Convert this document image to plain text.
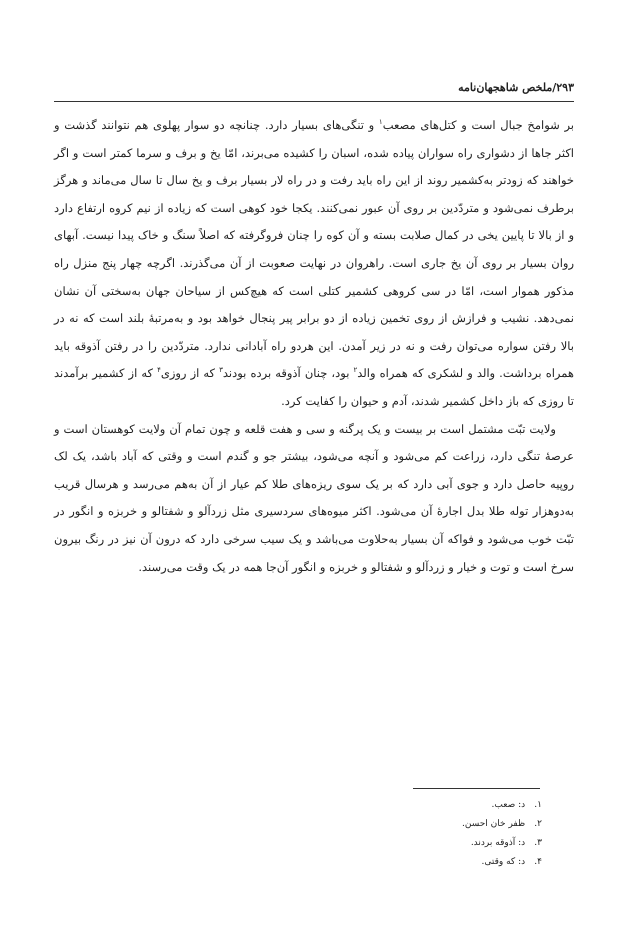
۲۹۳/ملخص شاهجهان‌نامه

بر شوامخ جبال است و کتل‌های مصعب$^۱$ و تنگی‌های بسیار دارد. چنانچه دو سوار پهلوی هم نتوانند گذشت و اکثر جاها از دشواری راه سواران پیاده شده، اسبان را کشیده می‌برند، امّا یخ و برف و سرما کمتر است و اگر خواهند که زودتر به‌کشمیر روند از این راه باید رفت و در راه لار بسیار برف و یخ سال تا سال می‌ماند و هرگز برطرف نمی‌شود و متردّدین بر روی آن عبور نمی‌کنند. یکجا خود کوهی است که زیاده از نیم کروه ارتفاع دارد و از بالا تا پایین یخی در کمال صلابت بسته و آن کوه را چنان فروگرفته که اصلاً سنگ و خاک پیدا نیست. آبهای روان بسیار بر روی آن یخ جاری است. راهروان در نهایت صعوبت از آن می‌گذرند. اگرچه چهار پنج منزل راه مذکور هموار است، امّا در سی کروهی کشمیر کتلی است که هیچ‌کس از سیاحان جهان به‌سختی آن نشان نمی‌دهد. نشیب و فرازش از روی تخمین زیاده از دو برابر پیر پنجال خواهد بود و به‌مرتبهٔ بلند است که نه در بالا رفتن سواره می‌توان رفت و نه در زیر آمدن. این هردو راه آبادانی ندارد. متردّدین را در رفتن آذوقه باید همراه برداشت. والد و لشکری که همراه والد$^۲$ بود، چنان آذوقه برده بودند$^۳$ که از روزی$^۴$ که از کشمیر برآمدند تا روزی که باز داخل کشمیر شدند، آدم و حیوان را کفایت کرد.

ولایت تبّت مشتمل است بر بیست و یک پرگنه و سی و هفت قلعه و چون تمام آن ولایت کوهستان است و عرصهٔ تنگی دارد، زراعت کم می‌شود و آنچه می‌شود، بیشتر جو و گندم است و وقتی که آباد باشد، یک لک روپیه حاصل دارد و جوی آبی دارد که بر یک سوی ریزه‌های طلا کم عیار از آن به‌هم می‌رسد و هرسال قریب به‌دوهزار توله طلا بدل اجارهٔ آن می‌شود. اکثر میوه‌های سردسیری مثل زردآلو و شفتالو و خربزه و انگور در تبّت خوب می‌شود و فواکه آن بسیار به‌حلاوت می‌باشد و یک سیب سرخی دارد که درون آن نیز در رنگ بیرون سرخ است و توت و خیار و زردآلو و شفتالو و خربزه و انگور آن‌جا همه در یک وقت می‌رسند.

۱. د: صعب.
۲. ظفر خان احسن.
۳. د: آذوقه بردند.
۴. د: که وقتی.
